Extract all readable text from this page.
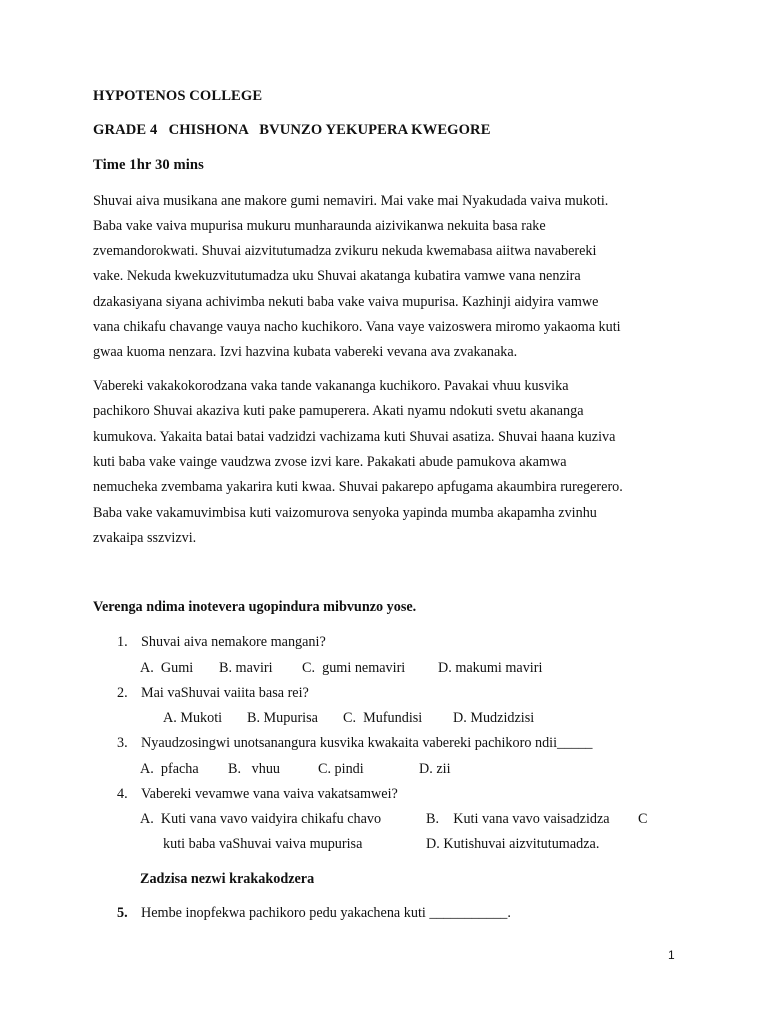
HYPOTENOS COLLEGE
GRADE 4   CHISHONA   BVUNZO YEKUPERA KWEGORE
Time 1hr 30 mins
Shuvai aiva musikana ane makore gumi nemaviri. Mai vake mai Nyakudada vaiva mukoti.
Baba vake vaiva mupurisa mukuru munharaunda aizivikanwa nekuita basa rake
zvemandorokwati. Shuvai aizvitutumadza zvikuru nekuda kwemabasa aiitwa navabereki
vake. Nekuda kwekuzvitutumadza uku Shuvai akatanga kubatira vamwe vana nenzira
dzakasiyana siyana achivimba nekuti baba vake vaiva mupurisa. Kazhinji aidyira vamwe
vana chikafu chavange vauya nacho kuchikoro. Vana vaye vaizoswera miromo yakaoma kuti
gwaa kuoma nenzara. Izvi hazvina kubata vabereki vevana ava zvakanaka.
Vabereki vakakokorodzana vaka tande vakananga kuchikoro. Pavakai vhuu kusvika
pachikoro Shuvai akaziva kuti pake pamuperera. Akati nyamu ndokuti svetu akananga
kumukova. Yakaita batai batai vadzidzi vachizama kuti Shuvai asatiza. Shuvai haana kuziva
kuti baba vake vainge vaudzwa zvose izvi kare. Pakakati abude pamukova akamwa
nemucheka zvembama yakarira kuti kwaa. Shuvai pakarepo apfugama akaumbira ruregerero.
Baba vake vakamuvimbisa kuti vaizomurova senyoka yapinda mumba akapamha zvinhu
zvakaipa sszvizvi.
Verenga ndima inotevera ugopindura mibvunzo yose.
1. Shuvai aiva nemakore mangani?
A.  Gumi B. maviri C.  gumi nemaviri D. makumi maviri
2. Mai vaShuvai vaiita basa rei?
A. Mukoti B. Mupurisa C.  Mufundisi D. Mudzidzisi
3. Nyaudzosingwi unotsanangura kusvika kwakaita vabereki pachikoro ndii_____
A.  pfacha B.   vhuu	C. pindi	D. zii
4. Vabereki vevamwe vana vaiva vakatsamwei?
A.  Kuti vana vavo vaidyira chikafu chavo	B.    Kuti vana vavo vaisadzidza C
kuti baba vaShuvai vaiva mupurisa	D. Kutishuvai aizvitutumadza.
Zadzisa nezwi krakakodzera
5. Hembe inopfekwa pachikoro pedu yakachena kuti ___________.
1
